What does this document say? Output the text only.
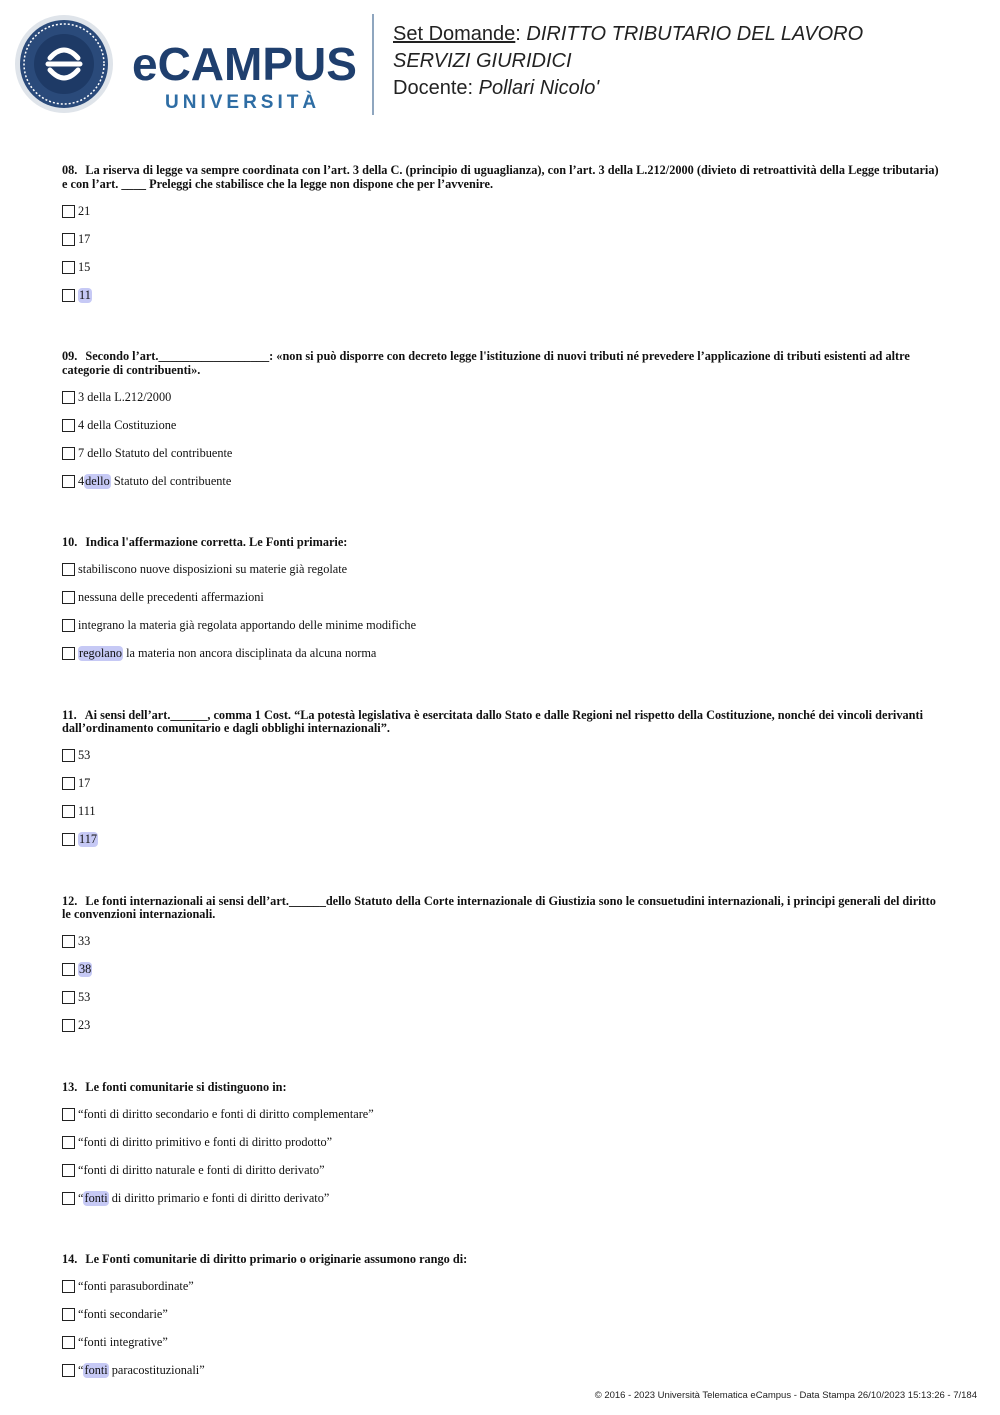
eCAMPUS
UNIVERSITÀ
Set Domande: DIRITTO TRIBUTARIO DEL LAVORO
SERVIZI GIURIDICI
Docente: Pollari Nicolo'

08. La riserva di legge va sempre coordinata con l’art. 3 della C. (principio di uguaglianza), con l’art. 3 della L.212/2000 (divieto di retroattività della Legge tributaria) e con l’art. ____ Preleggi che stabilisce che la legge non dispone che per l’avvenire.

21
17
15
11

09. Secondo l’art.__________________: «non si può disporre con decreto legge l'istituzione di nuovi tributi né prevedere l’applicazione di tributi esistenti ad altre categorie di contribuenti».

3 della L.212/2000
4 della Costituzione
7 dello Statuto del contribuente
4 dello Statuto del contribuente

10. Indica l'affermazione corretta. Le Fonti primarie:

stabiliscono nuove disposizioni su materie già regolate
nessuna delle precedenti affermazioni
integrano la materia già regolata apportando delle minime modifiche
regolano la materia non ancora disciplinata da alcuna norma

11. Ai sensi dell’art.______, comma 1 Cost. “La potestà legislativa è esercitata dallo Stato e dalle Regioni nel rispetto della Costituzione, nonché dei vincoli derivanti dall’ordinamento comunitario e dagli obblighi internazionali”.

53
17
111
117

12. Le fonti internazionali ai sensi dell’art.______dello Statuto della Corte internazionale di Giustizia sono le consuetudini internazionali, i principi generali del diritto le convenzioni internazionali.

33
38
53
23

13. Le fonti comunitarie si distinguono in:

“fonti di diritto secondario e fonti di diritto complementare”
“fonti di diritto primitivo e fonti di diritto prodotto”
“fonti di diritto naturale e fonti di diritto derivato”
“ fonti di diritto primario e fonti di diritto derivato”

14. Le Fonti comunitarie di diritto primario o originarie assumono rango di:

“fonti parasubordinate”
“fonti secondarie”
“fonti integrative”
“ fonti paracostituzionali”
© 2016 - 2023 Università Telematica eCampus - Data Stampa 26/10/2023 15:13:26 - 7/184
